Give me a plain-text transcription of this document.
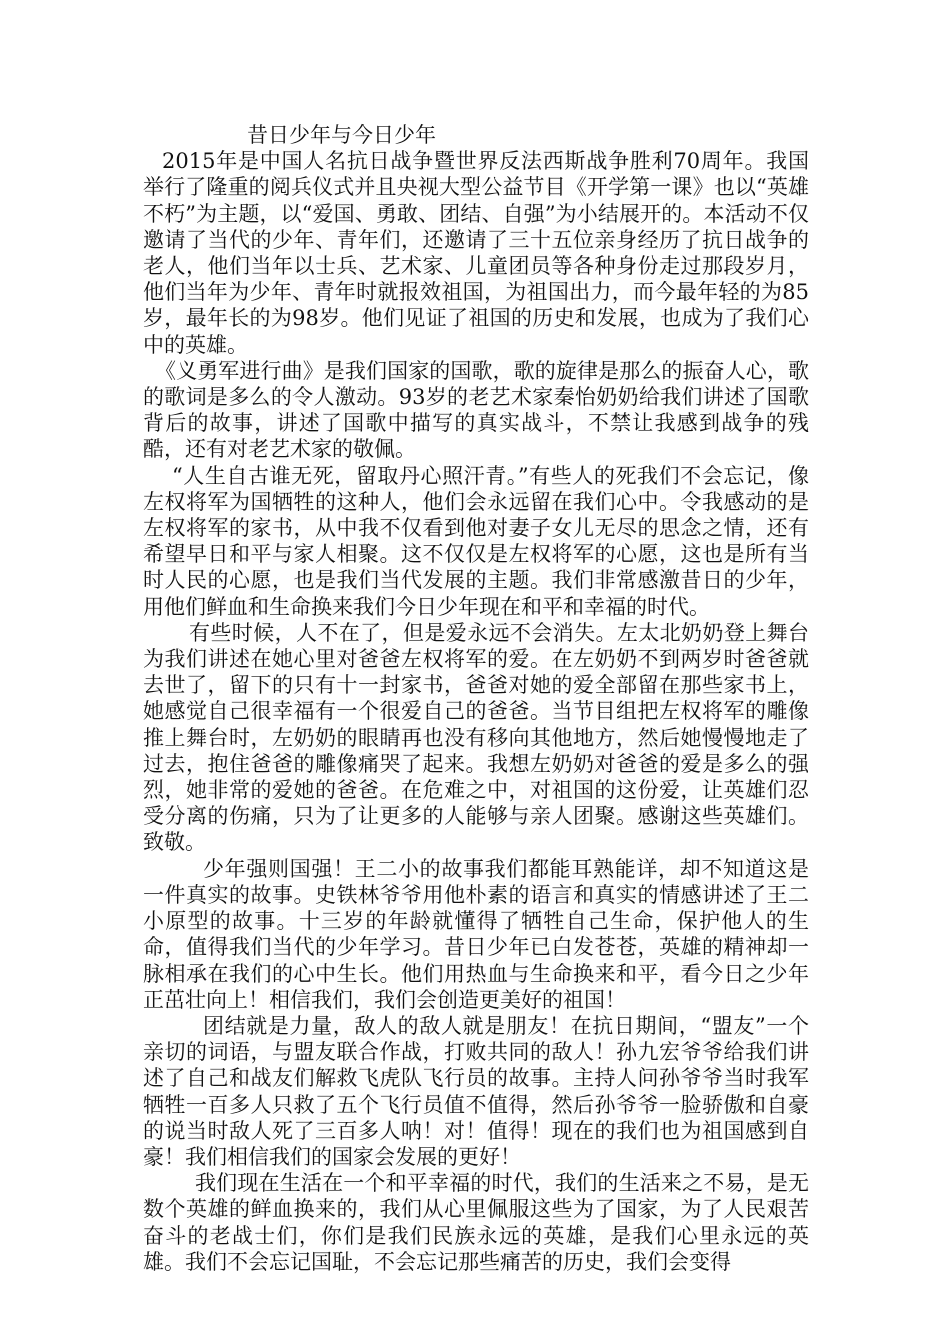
昔日少年与今日少年

2015年是中国人名抗日战争暨世界反法西斯战争胜利70周年。我国举行了隆重的阅兵仪式并且央视大型公益节目《开学第一课》也以“英雄不朽”为主题，以“爱国、勇敢、团结、自强”为小结展开的。本活动不仅邀请了当代的少年、青年们，还邀请了三十五位亲身经历了抗日战争的老人，他们当年以士兵、艺术家、儿童团员等各种身份走过那段岁月，他们当年为少年、青年时就报效祖国，为祖国出力，而今最年轻的为85岁，最年长的为98岁。他们见证了祖国的历史和发展，也成为了我们心中的英雄。

《义勇军进行曲》是我们国家的国歌，歌的旋律是那么的振奋人心，歌的歌词是多么的令人激动。93岁的老艺术家秦怡奶奶给我们讲述了国歌背后的故事，讲述了国歌中描写的真实战斗，不禁让我感到战争的残酷，还有对老艺术家的敬佩。

“人生自古谁无死，留取丹心照汗青。”有些人的死我们不会忘记，像左权将军为国牺牲的这种人，他们会永远留在我们心中。令我感动的是左权将军的家书，从中我不仅看到他对妻子女儿无尽的思念之情，还有希望早日和平与家人相聚。这不仅仅是左权将军的心愿，这也是所有当时人民的心愿，也是我们当代发展的主题。我们非常感激昔日的少年，用他们鲜血和生命换来我们今日少年现在和平和幸福的时代。

有些时候，人不在了，但是爱永远不会消失。左太北奶奶登上舞台为我们讲述在她心里对爸爸左权将军的爱。在左奶奶不到两岁时爸爸就去世了，留下的只有十一封家书，爸爸对她的爱全部留在那些家书上，她感觉自己很幸福有一个很爱自己的爸爸。当节目组把左权将军的雕像推上舞台时，左奶奶的眼睛再也没有移向其他地方，然后她慢慢地走了过去，抱住爸爸的雕像痛哭了起来。我想左奶奶对爸爸的爱是多么的强烈，她非常的爱她的爸爸。在危难之中，对祖国的这份爱，让英雄们忍受分离的伤痛，只为了让更多的人能够与亲人团聚。感谢这些英雄们。致敬。

少年强则国强！王二小的故事我们都能耳熟能详，却不知道这是一件真实的故事。史铁林爷爷用他朴素的语言和真实的情感讲述了王二小原型的故事。十三岁的年龄就懂得了牺牲自己生命，保护他人的生命，值得我们当代的少年学习。昔日少年已白发苍苍，英雄的精神却一脉相承在我们的心中生长。他们用热血与生命换来和平，看今日之少年正茁壮向上！相信我们，我们会创造更美好的祖国！

团结就是力量，敌人的敌人就是朋友！在抗日期间，“盟友”一个亲切的词语，与盟友联合作战，打败共同的敌人！孙九宏爷爷给我们讲述了自己和战友们解救飞虎队飞行员的故事。主持人问孙爷爷当时我军牺牲一百多人只救了五个飞行员值不值得，然后孙爷爷一脸骄傲和自豪的说当时敌人死了三百多人呐！对！值得！现在的我们也为祖国感到自豪！我们相信我们的国家会发展的更好！

我们现在生活在一个和平幸福的时代，我们的生活来之不易，是无数个英雄的鲜血换来的，我们从心里佩服这些为了国家，为了人民艰苦奋斗的老战士们，你们是我们民族永远的英雄，是我们心里永远的英雄。我们不会忘记国耻，不会忘记那些痛苦的历史，我们会变得
